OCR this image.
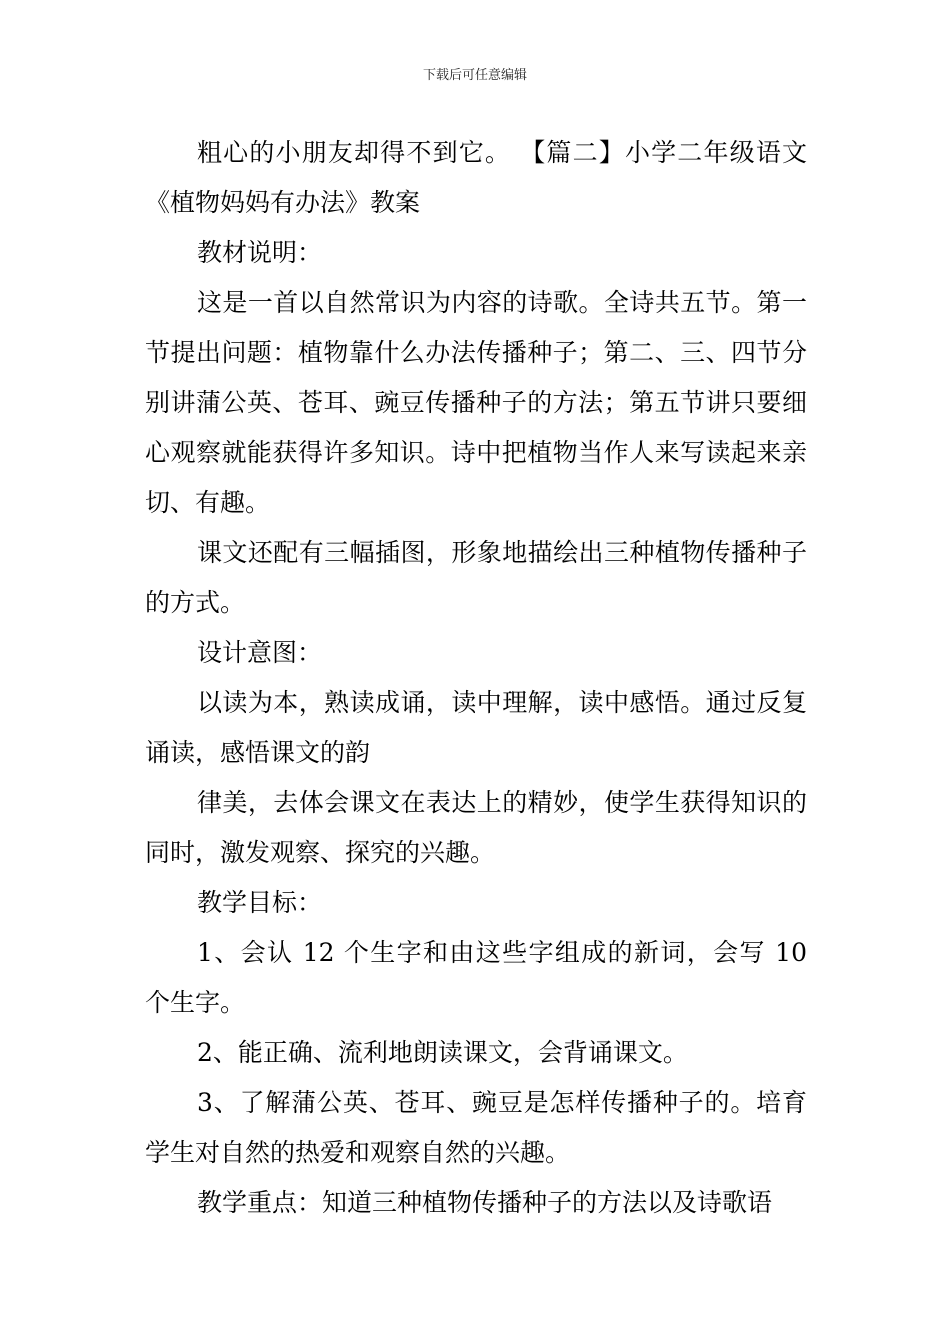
下载后可任意编辑

粗心的小朋友却得不到它。 【篇二】小学二年级语文《植物妈妈有办法》教案

教材说明：

这是一首以自然常识为内容的诗歌。全诗共五节。第一节提出问题：植物靠什么办法传播种子；第二、三、四节分别讲蒲公英、苍耳、豌豆传播种子的方法；第五节讲只要细心观察就能获得许多知识。诗中把植物当作人来写读起来亲切、有趣。

课文还配有三幅插图，形象地描绘出三种植物传播种子的方式。

设计意图：

以读为本，熟读成诵，读中理解，读中感悟。通过反复诵读，感悟课文的韵

律美，去体会课文在表达上的精妙，使学生获得知识的同时，激发观察、探究的兴趣。

教学目标：

1、会认 12 个生字和由这些字组成的新词，会写 10 个生字。

2、能正确、流利地朗读课文，会背诵课文。

3、了解蒲公英、苍耳、豌豆是怎样传播种子的。培育学生对自然的热爱和观察自然的兴趣。

教学重点：知道三种植物传播种子的方法以及诗歌语
